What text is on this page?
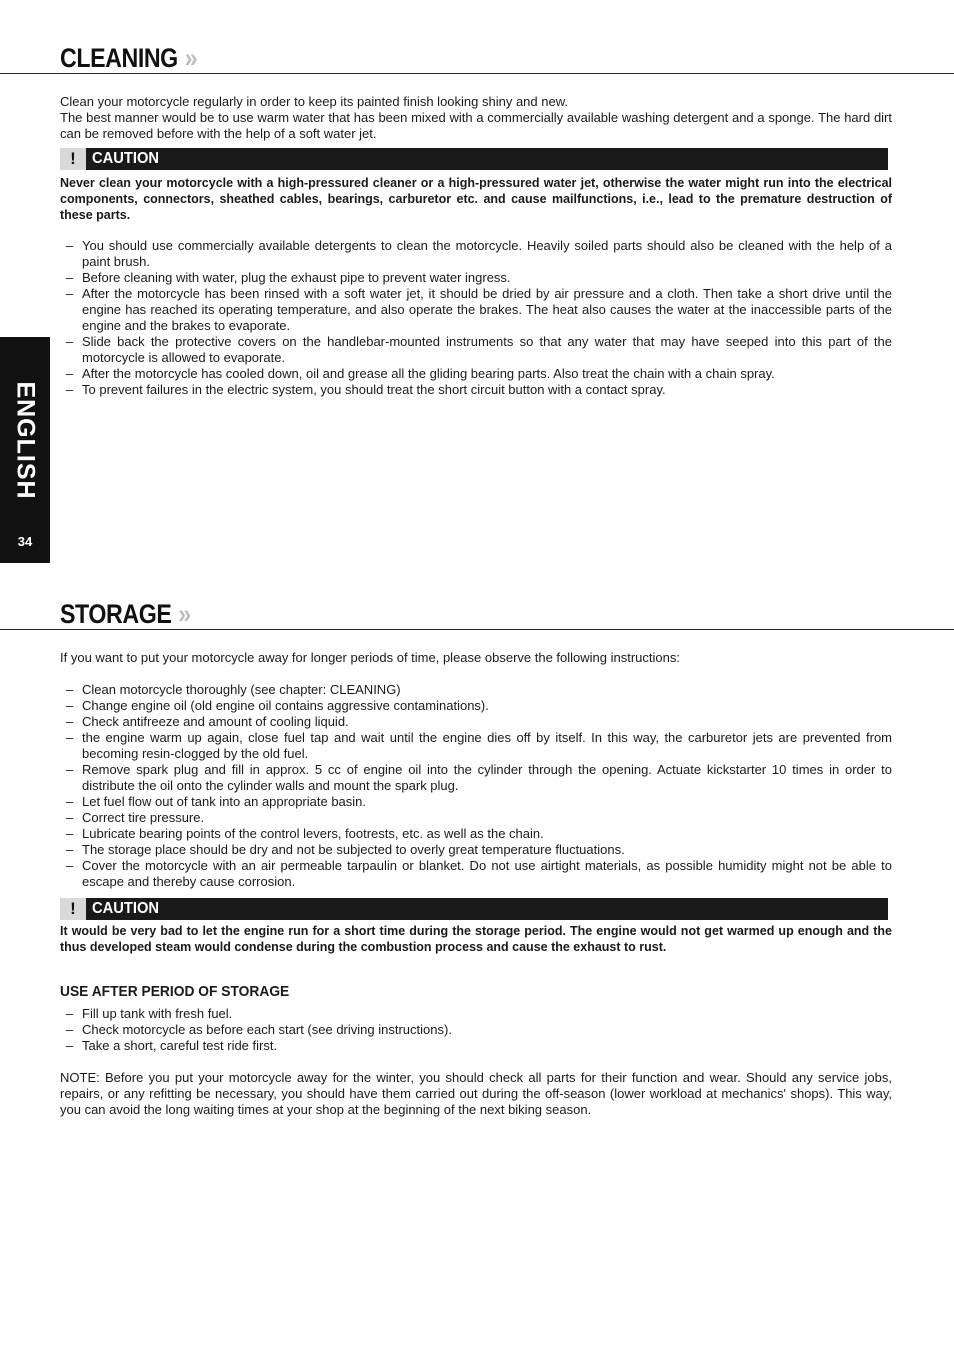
CLEANING »

Clean your motorcycle regularly in order to keep its painted finish looking shiny and new.

The best manner would be to use warm water that has been mixed with a commercially available washing detergent and a sponge. The hard dirt can be removed before with the help of a soft water jet.

!	CAUTION
Never clean your motorcycle with a high-pressured cleaner or a high-pressured water jet, otherwise the water might run into the electrical components, connectors, sheathed cables, bearings, carburetor etc. and cause mailfunctions, i.e., lead to the premature destruction of these parts.
– You should use commercially available detergents to clean the motorcycle. Heavily soiled parts should also be cleaned with the help of a paint brush.
– Before cleaning with water, plug the exhaust pipe to prevent water ingress.
– After the motorcycle has been rinsed with a soft water jet, it should be dried by air pressure and a cloth. Then take a short drive until the engine has reached its operating temperature, and also operate the brakes. The heat also causes the water at the inaccessible parts of the engine and the brakes to evaporate.
– Slide back the protective covers on the handlebar-mounted instruments so that any water that may have seeped into this part of the motorcycle is allowed to evaporate.
– After the motorcycle has cooled down, oil and grease all the gliding bearing parts. Also treat the chain with a chain spray.
– To prevent failures in the electric system, you should treat the short circuit button with a contact spray.
ENGLISH
34
STORAGE »
If you want to put your motorcycle away for longer periods of time, please observe the following instructions:
– Clean motorcycle thoroughly (see chapter: CLEANING)
– Change engine oil (old engine oil contains aggressive contaminations).
– Check antifreeze and amount of cooling liquid.
– the engine warm up again, close fuel tap and wait until the engine dies off by itself. In this way, the carburetor jets are prevented from becoming resin-clogged by the old fuel.
– Remove spark plug and fill in approx. 5 cc of engine oil into the cylinder through the opening. Actuate kickstarter 10 times in order to distribute the oil onto the cylinder walls and mount the spark plug.
– Let fuel flow out of tank into an appropriate basin.
– Correct tire pressure.
– Lubricate bearing points of the control levers, footrests, etc. as well as the chain.
– The storage place should be dry and not be subjected to overly great temperature fluctuations.
– Cover the motorcycle with an air permeable tarpaulin or blanket. Do not use airtight materials, as possible humidity might not be able to escape and thereby cause corrosion.
!	CAUTION
It would be very bad to let the engine run for a short time during the storage period. The engine would not get warmed up enough and the thus developed steam would condense during the combustion process and cause the exhaust to rust.
USE AFTER PERIOD OF STORAGE
– Fill up tank with fresh fuel.
– Check motorcycle as before each start (see driving instructions).
– Take a short, careful test ride first.
NOTE: Before you put your motorcycle away for the winter, you should check all parts for their function and wear. Should any service jobs, repairs, or any refitting be necessary, you should have them carried out during the off-season (lower workload at mechanics' shops). This way, you can avoid the long waiting times at your shop at the beginning of the next biking season.
